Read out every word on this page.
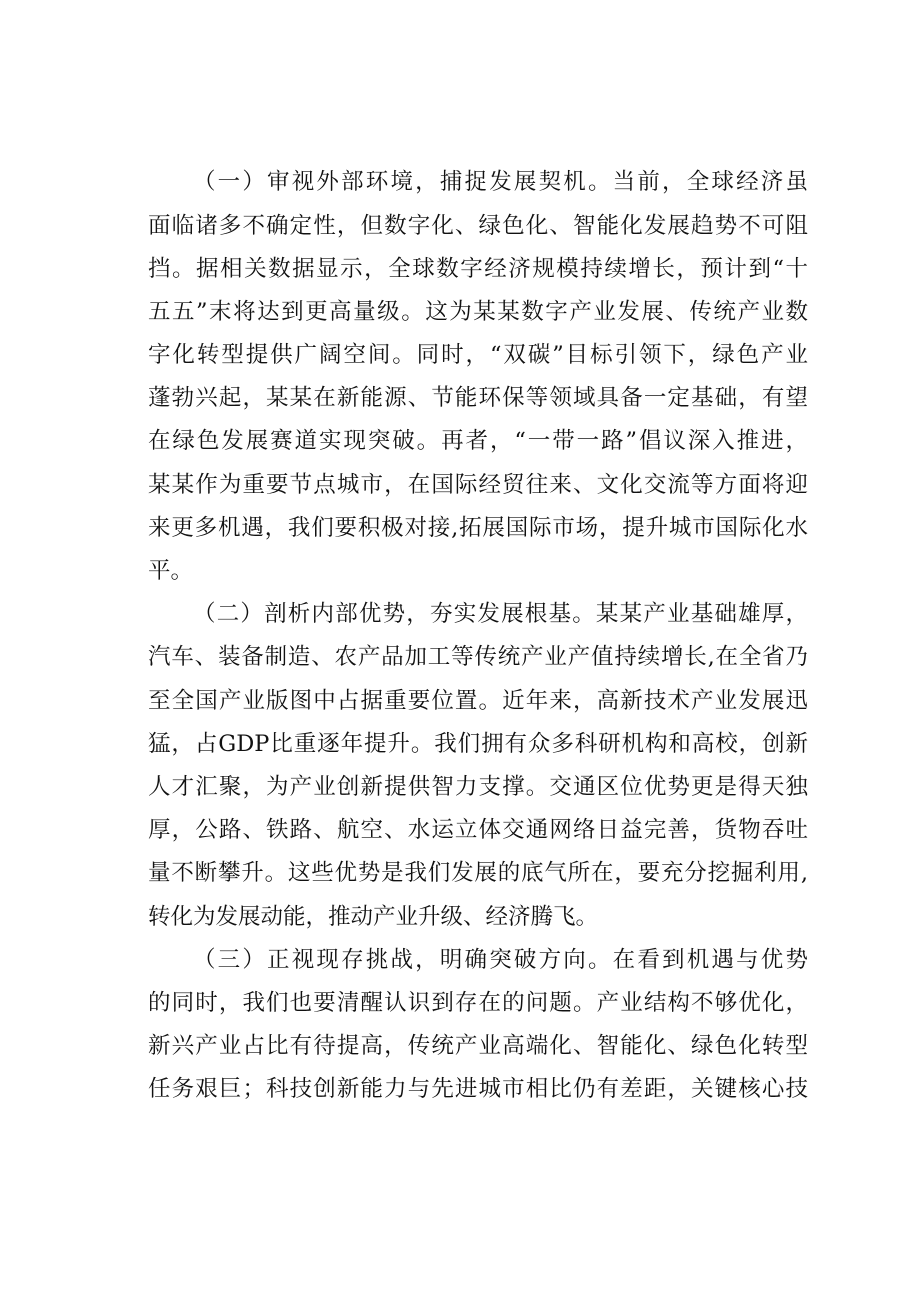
（一）审视外部环境，捕捉发展契机。当前，全球经济虽
面临诸多不确定性，但数字化、绿色化、智能化发展趋势不可阻
挡。据相关数据显示，全球数字经济规模持续增长，预计到“十
五五”末将达到更高量级。这为某某数字产业发展、传统产业数
字化转型提供广阔空间。同时，“双碳”目标引领下，绿色产业
蓬勃兴起，某某在新能源、节能环保等领域具备一定基础，有望
在绿色发展赛道实现突破。再者，“一带一路”倡议深入推进，
某某作为重要节点城市，在国际经贸往来、文化交流等方面将迎
来更多机遇，我们要积极对接,拓展国际市场，提升城市国际化水
平。
（二）剖析内部优势，夯实发展根基。某某产业基础雄厚，
汽车、装备制造、农产品加工等传统产业产值持续增长,在全省乃
至全国产业版图中占据重要位置。近年来，高新技术产业发展迅
猛，占GDP比重逐年提升。我们拥有众多科研机构和高校，创新
人才汇聚，为产业创新提供智力支撑。交通区位优势更是得天独
厚，公路、铁路、航空、水运立体交通网络日益完善，货物吞吐
量不断攀升。这些优势是我们发展的底气所在，要充分挖掘利用,
转化为发展动能，推动产业升级、经济腾飞。
（三）正视现存挑战，明确突破方向。在看到机遇与优势
的同时，我们也要清醒认识到存在的问题。产业结构不够优化，
新兴产业占比有待提高，传统产业高端化、智能化、绿色化转型
任务艰巨；科技创新能力与先进城市相比仍有差距，关键核心技
